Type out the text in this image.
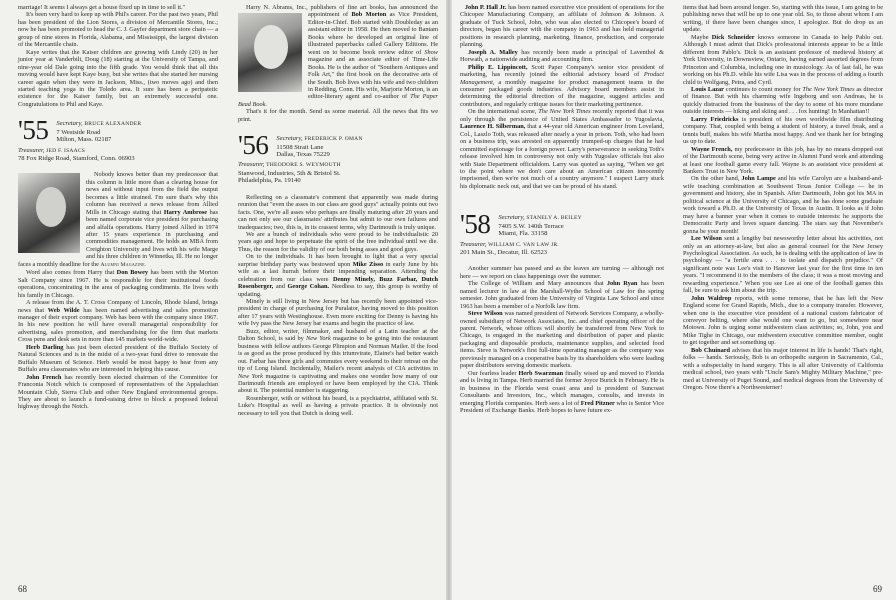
marriage! It seems I always get a house fixed up in time to sell it."

It's been very hard to keep up with Phil's career. For the past two years, Phil has been president of the Lion Stores, a division of Mercantile Stores, Inc.; now he has been promoted to head the C. J. Gayfer department store chain — a group of nine stores in Florida, Alabama, and Mississippi, the largest division of the Mercantile chain.

Kaye writes that the Kaiser children are growing with Lindy (20) in her junior year at Vanderbilt, Doug (18) starting at the University of Tampa, and nine-year old Dale going into the fifth grade. You would think that all this moving would have kept Kaye busy, but she writes that she started her nursing career again when they were in Jackson, Miss., (two moves ago) and then started teaching yoga in the Toledo area. It sure has been a peripatetic existence for the Kaiser family, but an extremely successful one. Congratulations to Phil and Kaye.

'55 Secretary, BRUCE ALEXANDER
7 Westside Road
Milton, Mass. 02187
Treasurer, JED F. ISAACS
78 Fox Ridge Road, Stamford, Conn. 06903

Nobody knows better than my predecessor that this column is little more than a clearing house for news and without input from the field the output becomes a little strained. I'm sure that's why this column has received a news release from Allied Mills in Chicago stating that Harry Ambrose has been named corporate vice president for purchasing and alfalfa operations. Harry joined Allied in 1974 after 15 years experience in purchasing and commodities management. He holds an MBA from Creighton University and lives with his wife Marge and his three children in Winnetka, Ill. He no longer faces a monthly deadline for the Alumni Magazine.

Word also comes from Harry that Don Bowey has been with the Morton Salt Company since 1967. He is responsible for their institutional foods operations, concentrating in the area of packaging condiments. He lives with his family in Chicago.

A release from the A. T. Cross Company of Lincoln, Rhode Island, brings news that Web Wilde has been named advertising and sales promotion manager of their export company. Web has been with the company since 1967. In his new position he will have overall managerial responsibility for advertising, sales promotion, and merchandising for the firm that markets Cross pens and desk sets in more than 145 markets world-wide.

Herb Darling has just been elected president of the Buffalo Society of Natural Sciences and is in the midst of a two-year fund drive to renovate the Buffalo Museum of Science. Herb would be most happy to hear from any Buffalo area classmates who are interested in helping this cause.

John French has recently been elected chairman of the Committee for Franconia Notch which is composed of representatives of the Appalachian Mountain Club, Sierra Club and other New England environmental groups. They are about to launch a fund-raising drive to block a proposed federal highway through the Notch.

68

Harry N. Abrams, Inc., publishers of fine art books, has announced the appointment of Bob Morton as Vice President, Editor-in-Chief. Bob started with Doubleday as an assistant editor in 1958. He then moved to Bantam Books where he developed an original line of illustrated paperbacks called Gallery Editions. He went on to become book review editor of Show magazine and an associate editor of Time-Life Books. He is the author of "Southern Antiques and Folk Art," the first book on the decorative arts of the South. Bob lives with his wife and two children in Redding, Conn. His wife, Marjorie Morton, is an editor-literary agent and co-author of The Paper Bead Book.

That's it for the month. Send us some material. All the news that fits we print.

'56 Secretary, FREDERICK P. OMAN
11508 Strait Lane
Dallas, Texas 75229
Treasurer, THEODORE S. WEYMOUTH
Stanwood, Industries, 5th & Bristol St.
Philadelphia, Pa. 19140

Reflecting on a classmate's comment that apparently was made during reunion that "even the asses in our class are good guys" actually points out two facts. One, we're all asses who perhaps are finally maturing after 20 years and can not only see our classmates' attributes but admit to our own failures and inadequacies; two, this is, in its crassest terms, why Dartmouth is truly unique.

We are a bunch of individuals who were proud to be individualistic 20 years ago and hope to perpetuate the spirit of the free individual until we die. Thus, the reason for the validity of our both being asses and good guys.

On to the individuals. It has been brought to light that a very special surprise birthday party was bestowed upon Mike Zisso in early June by his wife as a last hurrah before their impending separation. Attending the celebration from our class were Denny Minely, Buzz Farbar, Dutch Rosenberger, and George Cohan. Needless to say, this group is worthy of updating.

Minely is still living in New Jersey but has recently been appointed vice-president in charge of purchasing for Puralator, having moved to this position after 17 years with Westinghouse. Even more exciting for Denny is having his wife Ivy pass the New Jersey bar exams and begin the practice of law.

Buzz, editor, writer, filmmaker, and husband of a Latin teacher at the Dalton School, is said by New York magazine to be going into the restaurant business with fellow authors George Plimpton and Norman Mailer. If the food is as good as the prose produced by this triumvirate, Elaine's had better watch out. Farbar has three girls and commutes every weekend to their retreat on the tip of Long Island. Incidentally, Mailer's recent analysis of CIA activities in New York magazine is captivating and makes one wonder how many of our Dartmouth friends are employed or have been employed by the CIA. Think about it. The potential number is staggering.

Rosenberger, with or without his beard, is a psychiatrist, affiliated with St. Luke's Hospital as well as having a private practice. It is obviously not necessary to tell you that Dutch is doing well.

John P. Hall Jr. has been named executive vice president of operations for the Chicopee Manufacturing Company, an affiliate of Johnson & Johnson. A graduate of Tuck School, John, who was also elected to Chicopee's board of directors, began his career with the company in 1963 and has held managerial positions in research planning, marketing, finance, production, and corporate planning.

Joseph A. Malley has recently been made a principal of Laventhol & Horwath, a nationwide auditing and accounting firm.

Philip E. Lippincott, Scott Paper Company's senior vice president of marketing, has recently joined the editorial advisory board of Product Management, a monthly magazine for product management teams in the consumer packaged goods industries. Advisory board members assist in determining the editorial direction of the magazine, suggest articles and contributors, and regularly critique issues for their marketing pertinence.

On the international scene, The New York Times recently reported that it was only through the persistence of United States Ambassador to Yugoslavia, Laurence H. Silberman, that a 44-year old American engineer from Loveland, Col., Laszlo Toth, was released after nearly a year in prison. Toth, who had been on a business trip, was arrested on apparently trumped-up charges that he had committed espionage for a foreign power. Larry's perseverance in seeking Toth's release involved him in controversy not only with Yugoslav officials but also with State Department officialdom. Larry was quoted as saying, "When we get to the point where we don't care about an American citizen innocently imprisoned, then we're not much of a country anymore." I suspect Larry stuck his diplomatic neck out, and that we can be proud of his stand.

'58 Secretary, STANELY A. BEILEY
7405 S.W. 140th Terrace
Miami, Fla. 33158
Treasurer, WILLIAM C. VAN LAW JR.
201 Main St., Decatur, Ill. 62523

Another summer has passed and as the leaves are turning — although not here — we report on class happenings over the summer.

The College of William and Mary announces that John Ryan has been named lecturer in law at the Marshall-Wythe School of Law for the spring semester. John graduated from the University of Virginia Law School and since 1963 has been a member of a Norfolk law firm.

Steve Wilson was named president of Network Services Company, a wholly-owned subsidiary of Network Associates, Inc. and chief operating officer of the parent. Network, whose offices will shortly be transferred from New York to Chicago, is engaged in the marketing and distribution of paper and plastic packaging and disposable products, maintenance supplies, and selected food items. Steve is Network's first full-time operating manager as the company was previously managed on a cooperative basis by its shareholders who were leading paper distributors serving domestic markets.

Our fearless leader Herb Swarzman finally wised up and moved to Florida and is living in Tampa. Herb married the former Joyce Burick in February. He is in business in the Florida west coast area and is president of Suncoast Consultants and Investors, Inc., which manages, consults, and invests in emerging Florida companies. Herb sees a lot of Fred Pitzner who is Senior Vice President of Exchange Banks. Herb hopes to have future ex-

items that had been around longer. So, starting with this issue, I am going to be publishing news that will be up to one year old. So, to those about whom I am writing, if there have been changes since, I apologize. But do drop us an update.

Maybe Dick Schneider knows someone in Canada to help Pablo out. Although I must admit that Dick's professional interests appear to be a little different from Pablo's. Dick is an assistant professor of medieval history at York University, in Downsview, Ontario, having earned assorted degrees from Princeton and Columbia, including one in musicology. As of last fall, he was working on his Ph.D. while his wife Lisa was in the process of adding a fourth child to Wolfgang, Petra, and Cyril.

Louis Lazar continues to count money for The New York Times as director of finance. But with his charming wife Ingeborg and son Andreas, he is quickly distracted from the business of the day to some of his more mundane outside interests — hiking and skiing and . . . fox hunting! In Manhattan!!

Larry Friedricks is president of his own worldwide film distributing company. That, coupled with being a student of history, a travel freak, and a tennis buff, makes his wife Martha most happy. And we thank her for bringing us up to date.

Wayne French, my predecessor in this job, has by no means dropped out of the Dartmouth scene, being very active in Alumni Fund work and attending at least one football game every fall. Wayne is an assistant vice president at Bankers Trust in New York.

On the other hand, John Lampe and his wife Carolyn are a husband-and-wife teaching combination at Southwest Texas Junior College — he in government and history, she in Spanish. After Dartmouth, John got his MA in political science at the University of Chicago, and he has done some graduate work toward a Ph.D. at the University of Texas in Austin. It looks as if John may have a banner year when it comes to outside interests: he supports the Democratic Party and loves square dancing. The stars say that November's gonna be your month!

Lee Wilson sent a lengthy but newsworthy letter about his activities, not only as an attorney-at-law, but also as general counsel for the New Jersey Psychological Association. As such, he is dealing with the application of law in psychology — "a fertile area . . . to isolate and dispatch prejudice." Of significant note was Lee's visit to Hanover last year for the first time in ten years. "I recommend it to the members of the class; it was a most moving and rewarding experience." When you see Lee at one of the football games this fall, be sure to ask him about the trip.

John Waldrop reports, with some remorse, that he has left the New England scene for Grand Rapids, Mich., due to a company transfer. However, when one is the executive vice president of a national custom fabricator of conveyor belting, where else would one want to go, but somewhere near Motown. John is urging some midwestern class activities; so, John, you and Mike Tighe in Chicago, our midwestern executive committee member, ought to get together and set something up.

Bob Chuinard advises that his major interest in life is hands! That's right, folks — hands. Seriously, Bob is an orthopedic surgeon in Sacramento, Cal., with a subspecialty in hand surgery. This is all after University of California medical school, two years with "Uncle Sam's Mighty Military Machine," pre-med at University of Puget Sound, and medical degrees from the University of Oregon. Now there's a Northwesterner!

69
